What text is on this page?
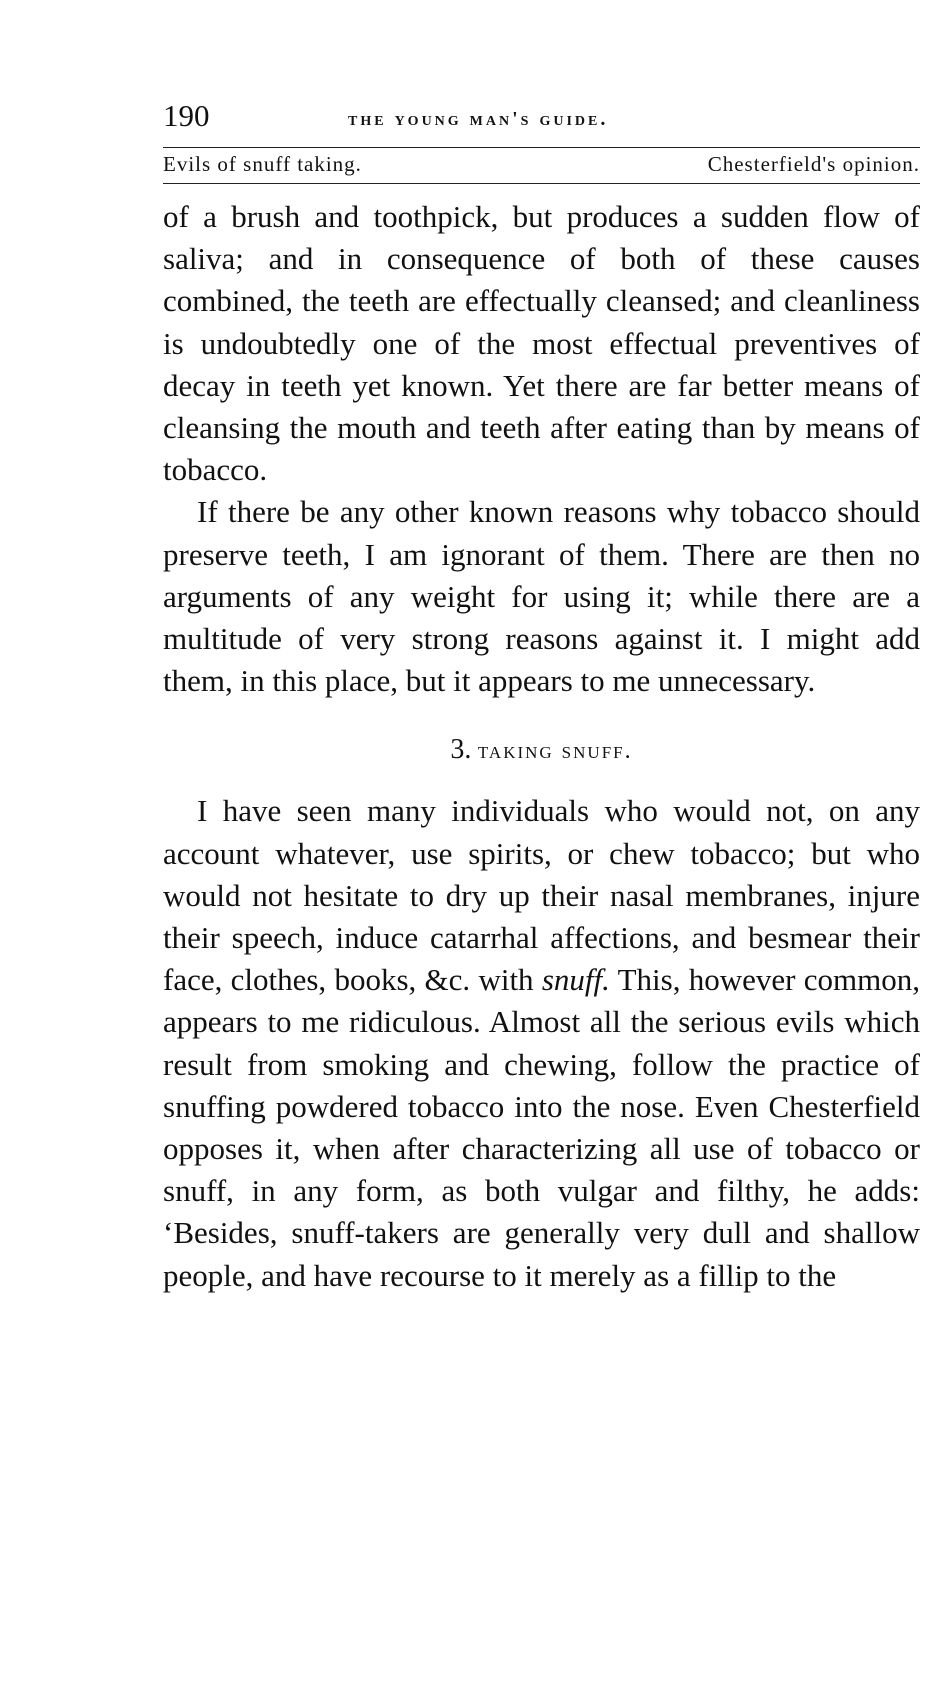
190	the young man's guide.
Evils of snuff taking.	Chesterfield's opinion.

of a brush and toothpick, but produces a sudden flow of saliva; and in consequence of both of these causes combined, the teeth are effectually cleansed; and cleanliness is undoubtedly one of the most effectual preventives of decay in teeth yet known. Yet there are far better means of cleansing the mouth and teeth after eating than by means of tobacco.

If there be any other known reasons why tobacco should preserve teeth, I am ignorant of them. There are then no arguments of any weight for using it; while there are a multitude of very strong reasons against it. I might add them, in this place, but it appears to me unnecessary.

3. taking snuff.

I have seen many individuals who would not, on any account whatever, use spirits, or chew tobacco; but who would not hesitate to dry up their nasal membranes, injure their speech, induce catarrhal affections, and besmear their face, clothes, books, &c. with snuff. This, however common, appears to me ridiculous. Almost all the serious evils which result from smoking and chewing, follow the practice of snuffing powdered tobacco into the nose. Even Chesterfield opposes it, when after characterizing all use of tobacco or snuff, in any form, as both vulgar and filthy, he adds: ‘Besides, snuff-takers are generally very dull and shallow people, and have recourse to it merely as a fillip to the
